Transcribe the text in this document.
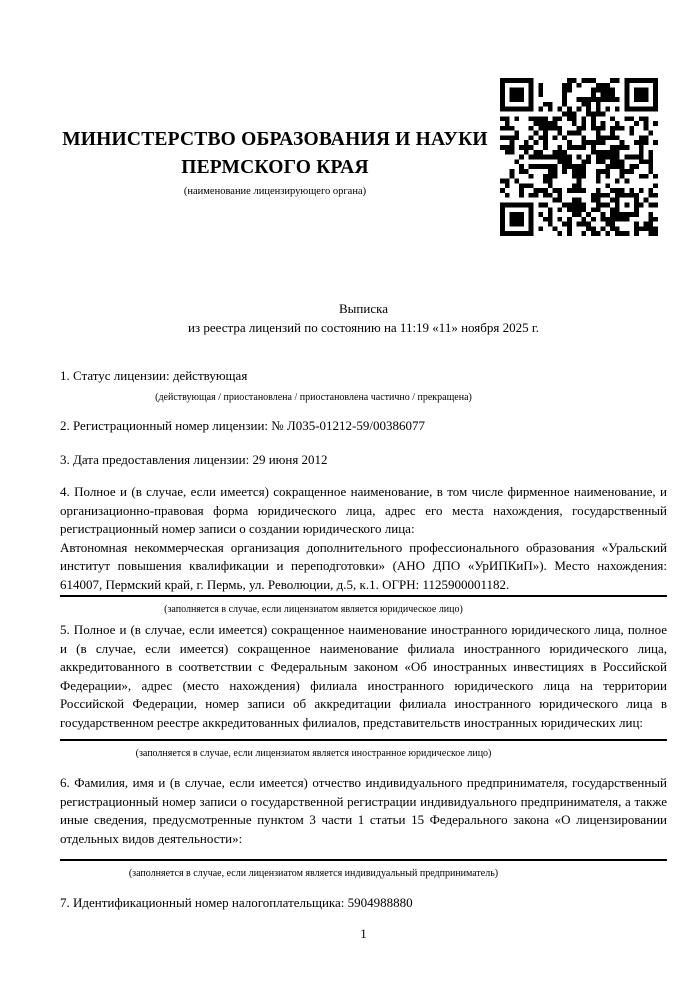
МИНИСТЕРСТВО ОБРАЗОВАНИЯ И НАУКИ
ПЕРМСКОГО КРАЯ
(наименование лицензирующего органа)
Выписка
из реестра лицензий по состоянию на 11:19 «11» ноября 2025 г.
1. Статус лицензии: действующая
(действующая / приостановлена / приостановлена частично / прекращена)
2. Регистрационный номер лицензии: № Л035-01212-59/00386077
3. Дата предоставления лицензии: 29 июня 2012
4. Полное и (в случае, если имеется) сокращенное наименование, в том числе фирменное наименование, и организационно-правовая форма юридического лица, адрес его места нахождения, государственный регистрационный номер записи о создании юридического лица:
Автономная некоммерческая организация дополнительного профессионального образования «Уральский институт повышения квалификации и переподготовки» (АНО ДПО «УрИПКиП»). Место нахождения: 614007, Пермский край, г. Пермь, ул. Революции, д.5, к.1. ОГРН: 1125900001182.
(заполняется в случае, если лицензиатом является юридическое лицо)
5. Полное и (в случае, если имеется) сокращенное наименование иностранного юридического лица, полное и (в случае, если имеется) сокращенное наименование филиала иностранного юридического лица, аккредитованного в соответствии с Федеральным законом «Об иностранных инвестициях в Российской Федерации», адрес (место нахождения) филиала иностранного юридического лица на территории Российской Федерации, номер записи об аккредитации филиала иностранного юридического лица в государственном реестре аккредитованных филиалов, представительств иностранных юридических лиц:
(заполняется в случае, если лицензиатом является иностранное юридическое лицо)
6. Фамилия, имя и (в случае, если имеется) отчество индивидуального предпринимателя, государственный регистрационный номер записи о государственной регистрации индивидуального предпринимателя, а также иные сведения, предусмотренные пунктом 3 части 1 статьи 15 Федерального закона «О лицензировании отдельных видов деятельности»:
(заполняется в случае, если лицензиатом является индивидуальный предприниматель)
7. Идентификационный номер налогоплательщика: 5904988880
1
